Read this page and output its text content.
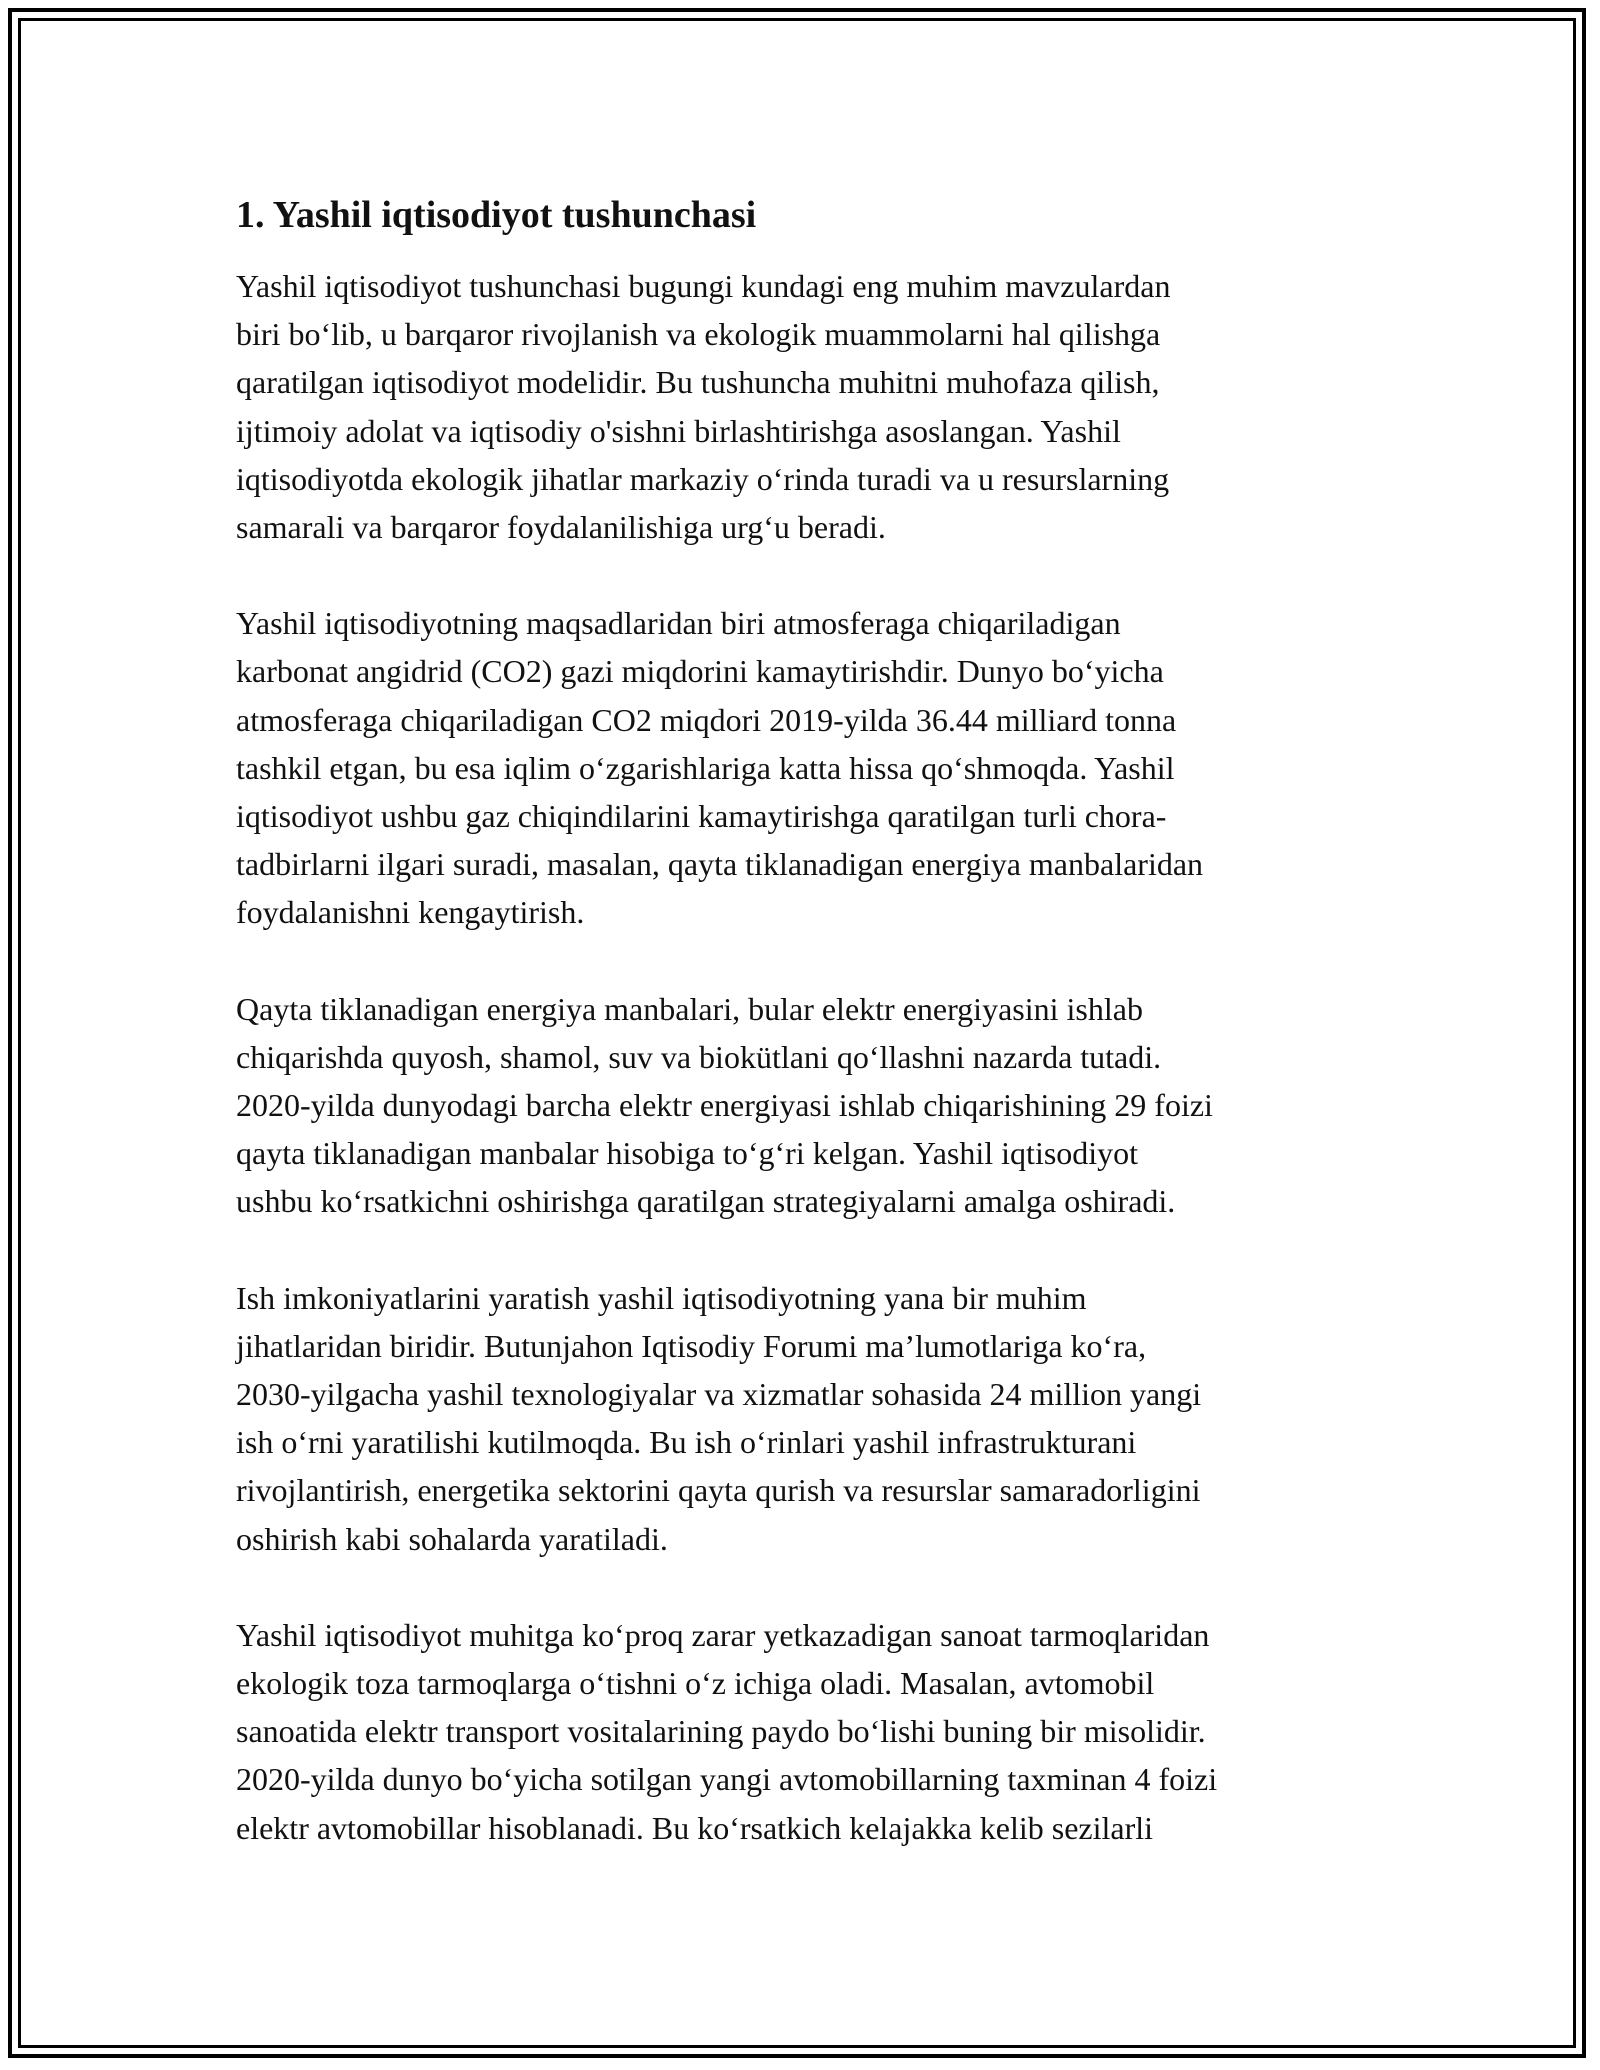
1. Yashil iqtisodiyot tushunchasi

Yashil iqtisodiyot tushunchasi bugungi kundagi eng muhim mavzulardan
biri bo‘lib, u barqaror rivojlanish va ekologik muammolarni hal qilishga
qaratilgan iqtisodiyot modelidir. Bu tushuncha muhitni muhofaza qilish,
ijtimoiy adolat va iqtisodiy o'sishni birlashtirishga asoslangan. Yashil
iqtisodiyotda ekologik jihatlar markaziy o‘rinda turadi va u resurslarning
samarali va barqaror foydalanilishiga urg‘u beradi.

Yashil iqtisodiyotning maqsadlaridan biri atmosferaga chiqariladigan
karbonat angidrid (CO2) gazi miqdorini kamaytirishdir. Dunyo bo‘yicha
atmosferaga chiqariladigan CO2 miqdori 2019-yilda 36.44 milliard tonna
tashkil etgan, bu esa iqlim o‘zgarishlariga katta hissa qo‘shmoqda. Yashil
iqtisodiyot ushbu gaz chiqindilarini kamaytirishga qaratilgan turli chora-
tadbirlarni ilgari suradi, masalan, qayta tiklanadigan energiya manbalaridan
foydalanishni kengaytirish.

Qayta tiklanadigan energiya manbalari, bular elektr energiyasini ishlab
chiqarishda quyosh, shamol, suv va biokütlani qo‘llashni nazarda tutadi.
2020-yilda dunyodagi barcha elektr energiyasi ishlab chiqarishining 29 foizi
qayta tiklanadigan manbalar hisobiga to‘g‘ri kelgan. Yashil iqtisodiyot
ushbu ko‘rsatkichni oshirishga qaratilgan strategiyalarni amalga oshiradi.

Ish imkoniyatlarini yaratish yashil iqtisodiyotning yana bir muhim
jihatlaridan biridir. Butunjahon Iqtisodiy Forumi ma’lumotlariga ko‘ra,
2030-yilgacha yashil texnologiyalar va xizmatlar sohasida 24 million yangi
ish o‘rni yaratilishi kutilmoqda. Bu ish o‘rinlari yashil infrastrukturani
rivojlantirish, energetika sektorini qayta qurish va resurslar samaradorligini
oshirish kabi sohalarda yaratiladi.

Yashil iqtisodiyot muhitga ko‘proq zarar yetkazadigan sanoat tarmoqlaridan
ekologik toza tarmoqlarga o‘tishni o‘z ichiga oladi. Masalan, avtomobil
sanoatida elektr transport vositalarining paydo bo‘lishi buning bir misolidir.
2020-yilda dunyo bo‘yicha sotilgan yangi avtomobillarning taxminan 4 foizi
elektr avtomobillar hisoblanadi. Bu ko‘rsatkich kelajakka kelib sezilarli
